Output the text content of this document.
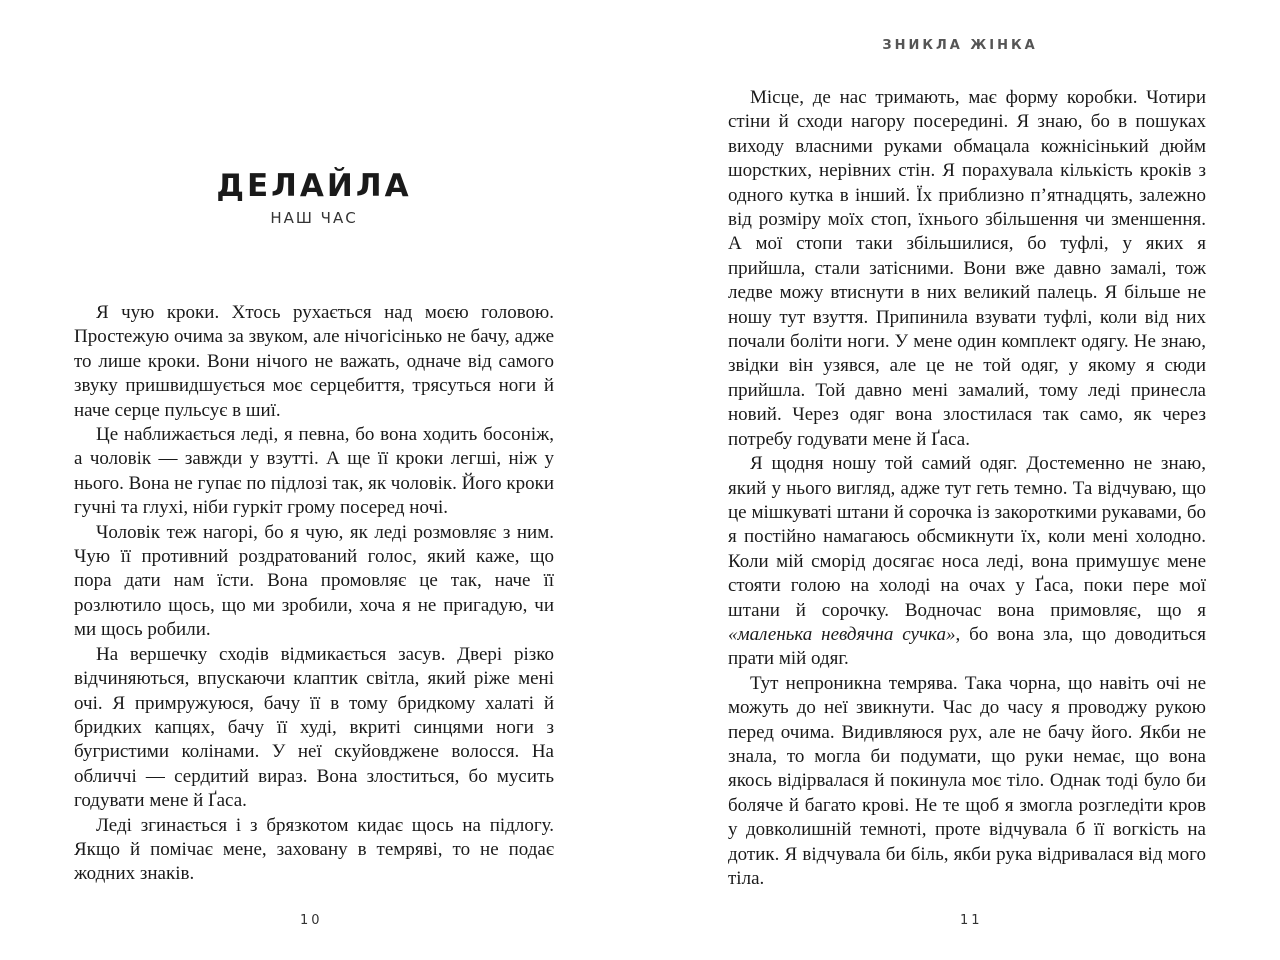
ДЕЛАЙЛА
НАШ ЧАС

Я чую кроки. Хтось рухається над моєю головою. Простежую очима за звуком, але нічогісінько не бачу, адже то лише кроки. Вони нічого не важать, одначе від самого звуку пришвидшується моє серцебиття, трясуться ноги й наче серце пульсує в шиї.

Це наближається леді, я певна, бо вона ходить босоніж, а чоловік — завжди у взутті. А ще її кроки легші, ніж у нього. Вона не гупає по підлозі так, як чоловік. Його кроки гучні та глухі, ніби гуркіт грому посеред ночі.

Чоловік теж нагорі, бо я чую, як леді розмовляє з ним. Чую її противний роздратований голос, який каже, що пора дати нам їсти. Вона промовляє це так, наче її розлютило щось, що ми зробили, хоча я не пригадую, чи ми щось робили.

На вершечку сходів відмикається засув. Двері різко відчиняються, впускаючи клаптик світла, який ріже мені очі. Я примружуюся, бачу її в тому бридкому халаті й бридких капцях, бачу її худі, вкриті синцями ноги з бугристими колінами. У неї скуйовджене волосся. На обличчі — сердитий вираз. Вона злоститься, бо мусить годувати мене й Ґаса.

Леді згинається і з брязкотом кидає щось на підлогу. Якщо й помічає мене, заховану в темряві, то не подає жодних знаків.

10
ЗНИКЛА ЖІНКА
11

Місце, де нас тримають, має форму коробки. Чотири стіни й сходи нагору посередині. Я знаю, бо в пошуках виходу власними руками обмацала кожнісінький дюйм шорстких, нерівних стін. Я порахувала кількість кроків з одного кутка в інший. Їх приблизно п’ятнадцять, залежно від розміру моїх стоп, їхнього збільшення чи зменшення. А мої стопи таки збільшилися, бо туфлі, у яких я прийшла, стали затісними. Вони вже давно замалі, тож ледве можу втиснути в них великий палець. Я більше не ношу тут взуття. Припинила взувати туфлі, коли від них почали боліти ноги. У мене один комплект одягу. Не знаю, звідки він узявся, але це не той одяг, у якому я сюди прийшла. Той давно мені замалий, тому леді принесла новий. Через одяг вона злостилася так само, як через потребу годувати мене й Ґаса.

Я щодня ношу той самий одяг. Достеменно не знаю, який у нього вигляд, адже тут геть темно. Та відчуваю, що це мішкуваті штани й сорочка із закороткими рукавами, бо я постійно намагаюсь обсмикнути їх, коли мені холодно. Коли мій сморід досягає носа леді, вона примушує мене стояти голою на холоді на очах у Ґаса, поки пере мої штани й сорочку. Водночас вона примовляє, що я «маленька невдячна сучка», бо вона зла, що доводиться прати мій одяг.

Тут непроникна темрява. Така чорна, що навіть очі не можуть до неї звикнути. Час до часу я проводжу рукою перед очима. Видивляюся рух, але не бачу його. Якби не знала, то могла би подумати, що руки немає, що вона якось відірвалася й покинула моє тіло. Однак тоді було би боляче й багато крові. Не те щоб я змогла розгледіти кров у довколишній темноті, проте відчувала б її вогкість на дотик. Я відчувала би біль, якби рука відривалася від мого тіла.
